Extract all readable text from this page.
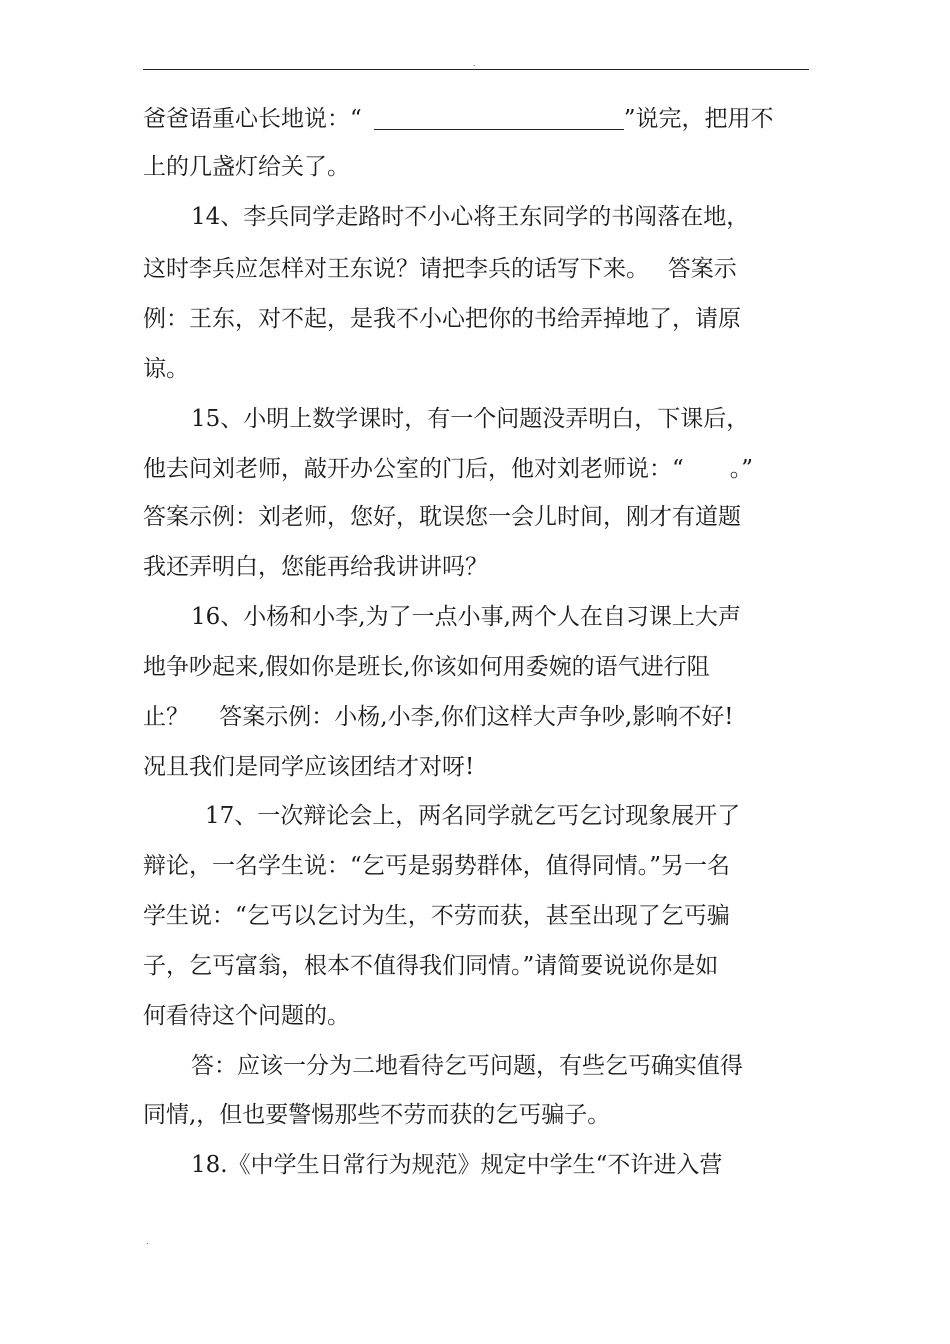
.
爸爸语重心长地说：“	”说完，把用不
上的几盏灯给关了。
14、李兵同学走路时不小心将王东同学的书闯落在地，
这时李兵应怎样对王东说？请把李兵的话写下来。　 答案示
例：王东，对不起，是我不小心把你的书给弄掉地了，请原
谅。
15、小明上数学课时，有一个问题没弄明白，下课后，
他去问刘老师，敲开办公室的门后，他对刘老师说：“　　。”
答案示例：刘老师，您好，耽误您一会儿时间，刚才有道题
我还弄明白，您能再给我讲讲吗？
16、小杨和小李,为了一点小事,两个人在自习课上大声
地争吵起来,假如你是班长,你该如何用委婉的语气进行阻
止？　 答案示例：小杨,小李,你们这样大声争吵,影响不好!
况且我们是同学应该团结才对呀!
17、一次辩论会上，两名同学就乞丐乞讨现象展开了
辩论，一名学生说：“乞丐是弱势群体，值得同情。”另一名
学生说：“乞丐以乞讨为生，不劳而获，甚至出现了乞丐骗
子，乞丐富翁，根本不值得我们同情。”请简要说说你是如
何看待这个问题的。
答：应该一分为二地看待乞丐问题，有些乞丐确实值得
同情,，但也要警惕那些不劳而获的乞丐骗子。
18.《中学生日常行为规范》规定中学生“不许进入营
.
